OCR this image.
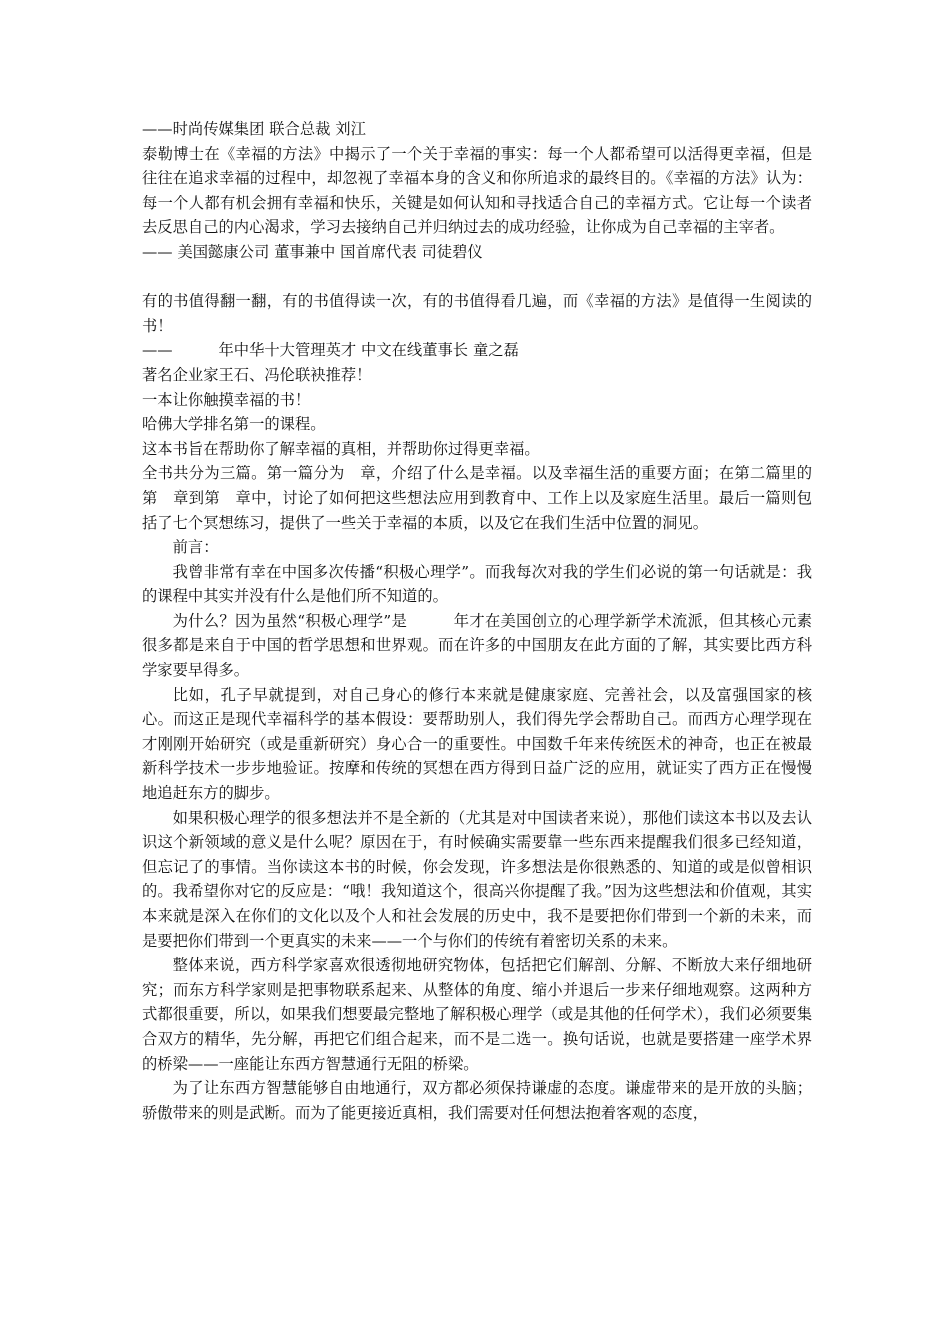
——时尚传媒集团 联合总裁 刘江

泰勒博士在《幸福的方法》中揭示了一个关于幸福的事实：每一个人都希望可以活得更幸福，但是往往在追求幸福的过程中，却忽视了幸福本身的含义和你所追求的最终目的。《幸福的方法》认为：每一个人都有机会拥有幸福和快乐，关键是如何认知和寻找适合自己的幸福方式。它让每一个读者去反思自己的内心渴求，学习去接纳自己并归纳过去的成功经验，让你成为自己幸福的主宰者。

—— 美国懿康公司 董事兼中 国首席代表 司徒碧仪

有的书值得翻一翻，有的书值得读一次，有的书值得看几遍，而《幸福的方法》是值得一生阅读的书！

——　　　年中华十大管理英才 中文在线董事长 童之磊
著名企业家王石、冯伦联袂推荐！
一本让你触摸幸福的书！
哈佛大学排名第一的课程。
这本书旨在帮助你了解幸福的真相，并帮助你过得更幸福。

全书共分为三篇。第一篇分为　章，介绍了什么是幸福。以及幸福生活的重要方面；在第二篇里的第　章到第　章中，讨论了如何把这些想法应用到教育中、工作上以及家庭生活里。最后一篇则包括了七个冥想练习，提供了一些关于幸福的本质，以及它在我们生活中位置的洞见。

前言：

我曾非常有幸在中国多次传播“积极心理学”。而我每次对我的学生们必说的第一句话就是：我的课程中其实并没有什么是他们所不知道的。

为什么？因为虽然“积极心理学”是　　　年才在美国创立的心理学新学术流派，但其核心元素很多都是来自于中国的哲学思想和世界观。而在许多的中国朋友在此方面的了解，其实要比西方科学家要早得多。

比如，孔子早就提到，对自己身心的修行本来就是健康家庭、完善社会，以及富强国家的核心。而这正是现代幸福科学的基本假设：要帮助别人，我们得先学会帮助自己。而西方心理学现在才刚刚开始研究（或是重新研究）身心合一的重要性。中国数千年来传统医术的神奇，也正在被最新科学技术一步步地验证。按摩和传统的冥想在西方得到日益广泛的应用，就证实了西方正在慢慢地追赶东方的脚步。

如果积极心理学的很多想法并不是全新的（尤其是对中国读者来说），那他们读这本书以及去认识这个新领域的意义是什么呢？原因在于，有时候确实需要靠一些东西来提醒我们很多已经知道，但忘记了的事情。当你读这本书的时候，你会发现，许多想法是你很熟悉的、知道的或是似曾相识的。我希望你对它的反应是：“哦！我知道这个，很高兴你提醒了我。”因为这些想法和价值观，其实本来就是深入在你们的文化以及个人和社会发展的历史中，我不是要把你们带到一个新的未来，而是要把你们带到一个更真实的未来——一个与你们的传统有着密切关系的未来。

整体来说，西方科学家喜欢很透彻地研究物体，包括把它们解剖、分解、不断放大来仔细地研究；而东方科学家则是把事物联系起来、从整体的角度、缩小并退后一步来仔细地观察。这两种方式都很重要，所以，如果我们想要最完整地了解积极心理学（或是其他的任何学术），我们必须要集合双方的精华，先分解，再把它们组合起来，而不是二选一。换句话说，也就是要搭建一座学术界的桥梁——一座能让东西方智慧通行无阻的桥梁。

为了让东西方智慧能够自由地通行，双方都必须保持谦虚的态度。谦虚带来的是开放的头脑；骄傲带来的则是武断。而为了能更接近真相，我们需要对任何想法抱着客观的态度，
